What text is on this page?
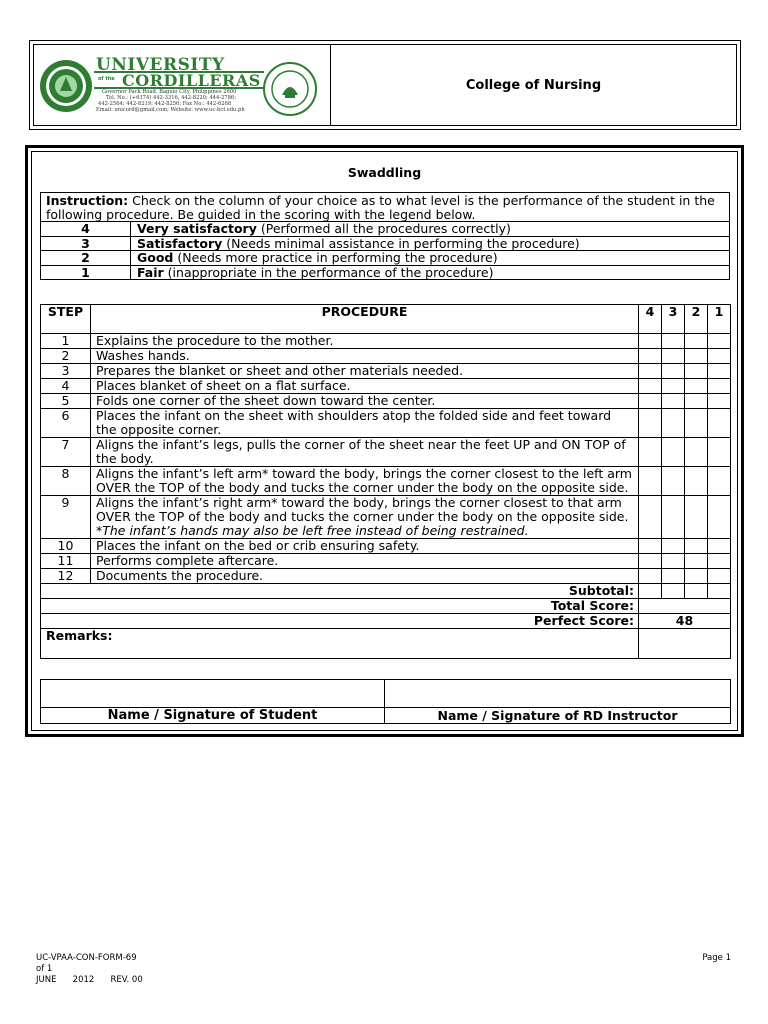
UNIVERSITY
of the CORDILLERAS
Governor Pack Road, Baguio City, Philippines 2600
Tel. No.: (+6374) 442-3316, 442-8220; 444-2786;
442-2564; 442-8219; 442-8256; Fax No.: 442-6268
Email: unicord@gmail.com; Website: www.uc-bcf.edu.ph
College of Nursing
Swaddling
Instruction: Check on the column of your choice as to what level is the performance of the student in the following procedure. Be guided in the scoring with the legend below.
4	Very satisfactory (Performed all the procedures correctly)
3	Satisfactory (Needs minimal assistance in performing the procedure)
2	Good (Needs more practice in performing the procedure)
1	Fair (inappropriate in the performance of the procedure)
STEP	PROCEDURE	4	3	2	1
1	Explains the procedure to the mother.				
2	Washes hands.				
3	Prepares the blanket or sheet and other materials needed.				
4	Places blanket of sheet on a flat surface.				
5	Folds one corner of the sheet down toward the center.				
6	Places the infant on the sheet with shoulders atop the folded side and feet toward the opposite corner.				
7	Aligns the infant’s legs, pulls the corner of the sheet near the feet UP and ON TOP of the body.				
8	Aligns the infant’s left arm* toward the body, brings the corner closest to the left arm OVER the TOP of the body and tucks the corner under the body on the opposite side.				
9	Aligns the infant’s right arm* toward the body, brings the corner closest to that arm OVER the TOP of the body and tucks the corner under the body on the opposite side.
*The infant’s hands may also be left free instead of being restrained.				
10	Places the infant on the bed or crib ensuring safety.				
11	Performs complete aftercare.				
12	Documents the procedure.				
Subtotal:					
Total Score:					
Perfect Score:		48			
Remarks:					

Name / Signature of Student	Name / Signature of RD Instructor
UC-VPAA-CON-FORM-69
of 1
JUNE      2012      REV. 00
Page 1
